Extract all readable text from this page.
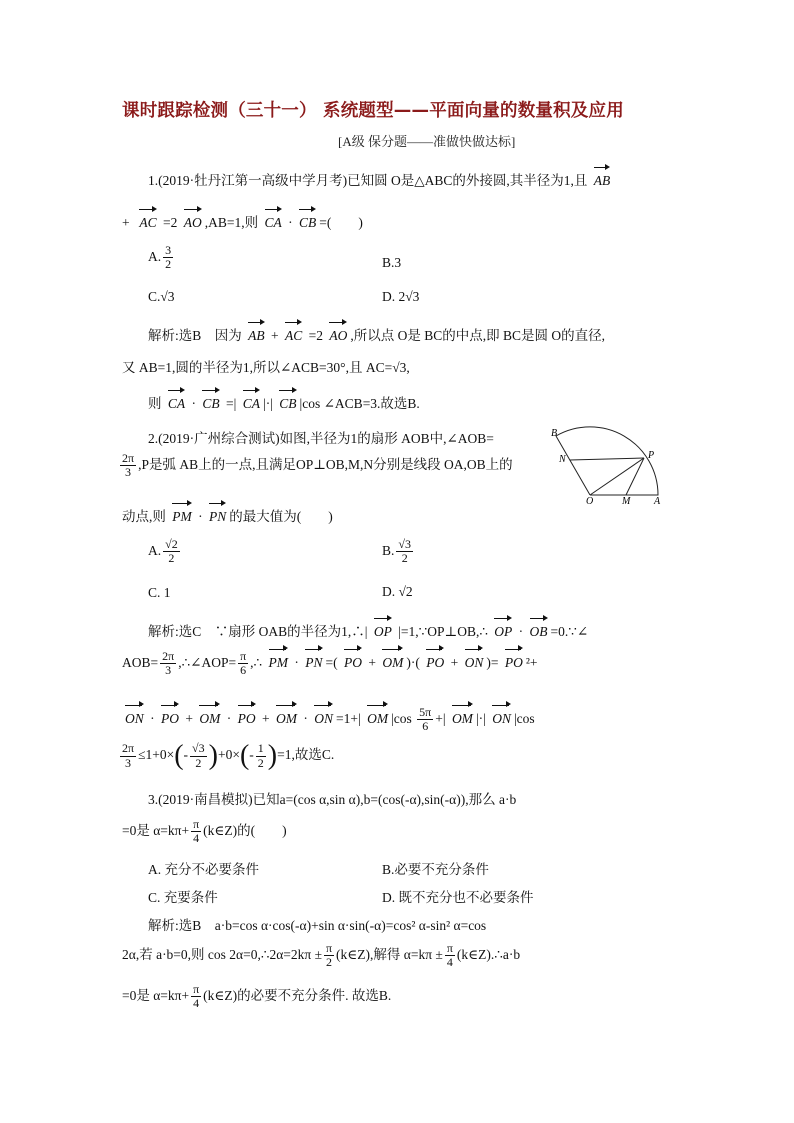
课时跟踪检测（三十一） 系统题型——平面向量的数量积及应用
[A级 保分题——准做快做达标]
1.(2019·牡丹江第一高级中学月考)已知圆 O是△ABC的外接圆,其半径为1,且 AB
+ AC =2 AO ,AB=1,则 CA · CB =(　　)
A. $\frac{3}{2}$	B.3
C.√3	D. 2√3
解析:选B　因为 AB + AC =2 AO ,所以点 O是 BC的中点,即 BC是圆 O的直径,
又 AB=1,圆的半径为1,所以∠ACB=30°,且 AC=√3,
则 CA · CB =| CA |·| CB |cos ∠ACB=3.故选B.
2.(2019·广州综合测试)如图,半径为1的扇形 AOB中,∠AOB=
$\frac{2\pi}{3} ,P$是弧 AB上的一点,且满足OP⊥OB,M,N分别是线段 OA,OB上的
动点,则 PM · PN 的最大值为(　　)
B
N	P
O	M A
A. $\frac{√2}{2}$	B. $\frac{√3}{2}$
C. 1	D. √2
解析:选C　∵扇形 OAB的半径为1,∴| OP |=1,∵OP⊥OB,∴ OP · OB =0.∵∠
$AOB= \frac{2\pi}{3}$ ,∴∠AOP= $\frac{\pi}{6}$ ,∴ PM · PN =( PO + OM )·( PO + ON )= PO ²+
ON · PO + OM · PO + OM · ON =1+| OM $|\cos \frac{5\pi}{6}$ +| OM |·| ON |cos
$\frac{2\pi}{3} \le 1+0\times(- \frac{√3}{2} )+0\times(- \frac{1}{2} )=1$,故选C.
3.(2019·南昌模拟)已知a=(cos α,sin α),b=(cos(-α),sin(-α)),那么 a·b
=0是 $\alpha=k\pi+ \frac{\pi}{4}$ (k∈Z)的(　　)
A. 充分不必要条件	B.必要不充分条件
C. 充要条件	D. 既不充分也不必要条件
解析:选B　a·b=cos α·cos(-α)+sin α·sin(-α)=cos² α-sin² α=cos
2α,若 a·b=0,则 cos 2α=0,∴2α=2kπ ± $\frac{\pi}{2}$ (k∈Z),解得 $\alpha=k\pi \pm \frac{\pi}{4}$ (k∈Z).∴a·b
=0是 $\alpha=k\pi+ \frac{\pi}{4}$ (k∈Z)的必要不充分条件. 故选B.
